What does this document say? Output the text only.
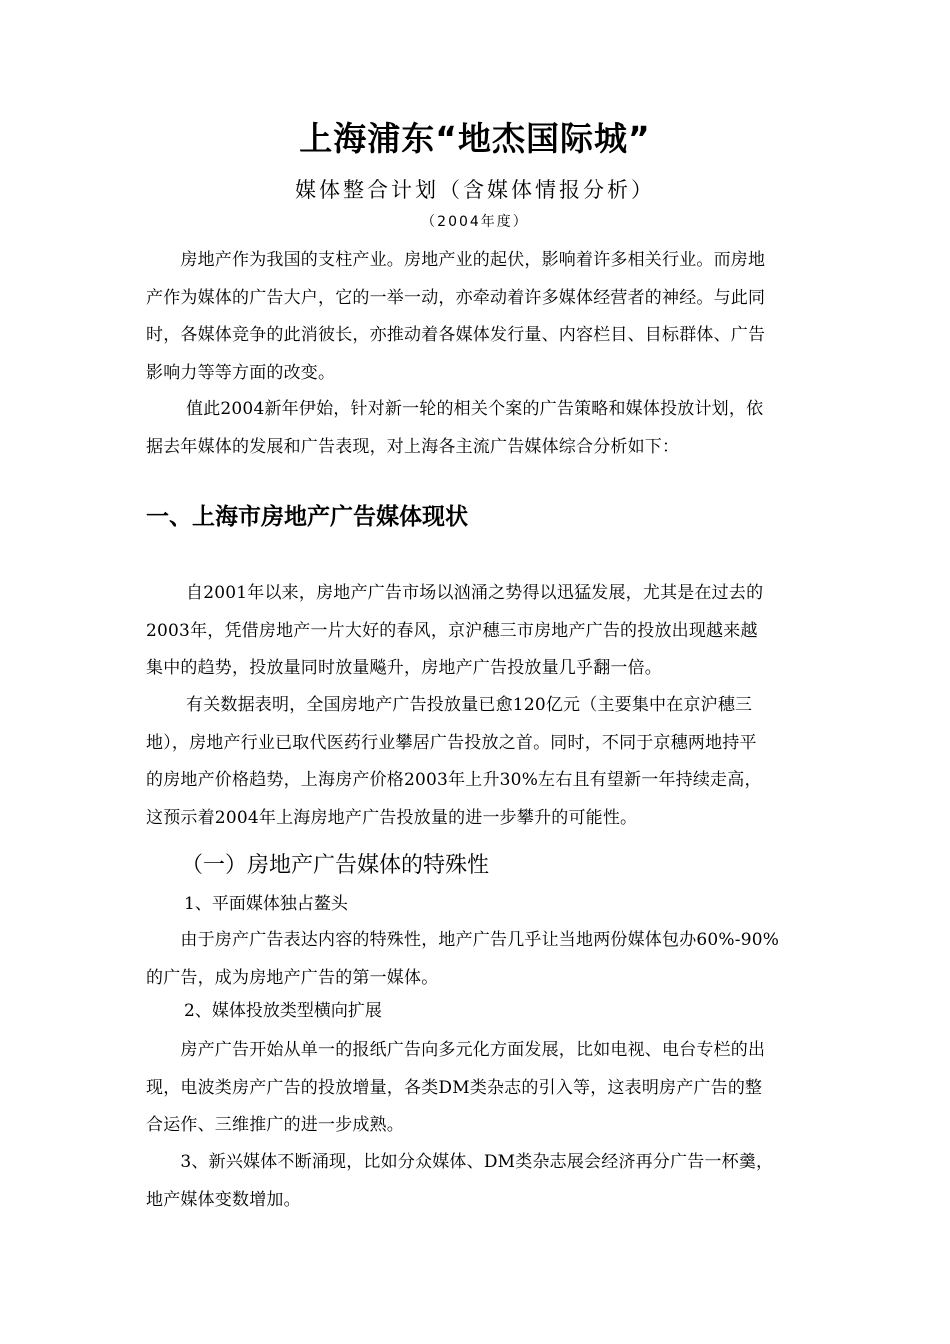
上海浦东“地杰国际城”
媒体整合计划（含媒体情报分析）
（2004年度）

　　房地产作为我国的支柱产业。房地产业的起伏，影响着许多相关行业。而房地
产作为媒体的广告大户，它的一举一动，亦牵动着许多媒体经营者的神经。与此同
时，各媒体竞争的此消彼长，亦推动着各媒体发行量、内容栏目、目标群体、广告
影响力等等方面的改变。

　　 值此2004新年伊始，针对新一轮的相关个案的广告策略和媒体投放计划，依
据去年媒体的发展和广告表现，对上海各主流广告媒体综合分析如下：

一、上海市房地产广告媒体现状

　　 自2001年以来，房地产广告市场以汹涌之势得以迅猛发展，尤其是在过去的
2003年，凭借房地产一片大好的春风，京沪穗三市房地产广告的投放出现越来越
集中的趋势，投放量同时放量飚升，房地产广告投放量几乎翻一倍。

　　 有关数据表明，全国房地产广告投放量已愈120亿元（主要集中在京沪穗三
地），房地产行业已取代医药行业攀居广告投放之首。同时，不同于京穗两地持平
的房地产价格趋势，上海房产价格2003年上升30%左右且有望新一年持续走高，
这预示着2004年上海房地产广告投放量的进一步攀升的可能性。

（一）房地产广告媒体的特殊性
1、平面媒体独占鳌头

　　由于房产广告表达内容的特殊性，地产广告几乎让当地两份媒体包办60%-90%
的广告，成为房地产广告的第一媒体。

2、媒体投放类型横向扩展

　　房产广告开始从单一的报纸广告向多元化方面发展，比如电视、电台专栏的出
现，电波类房产广告的投放增量，各类DM类杂志的引入等，这表明房产广告的整
合运作、三维推广的进一步成熟。

　　3、新兴媒体不断涌现，比如分众媒体、DM类杂志展会经济再分广告一杯羹，
地产媒体变数增加。
